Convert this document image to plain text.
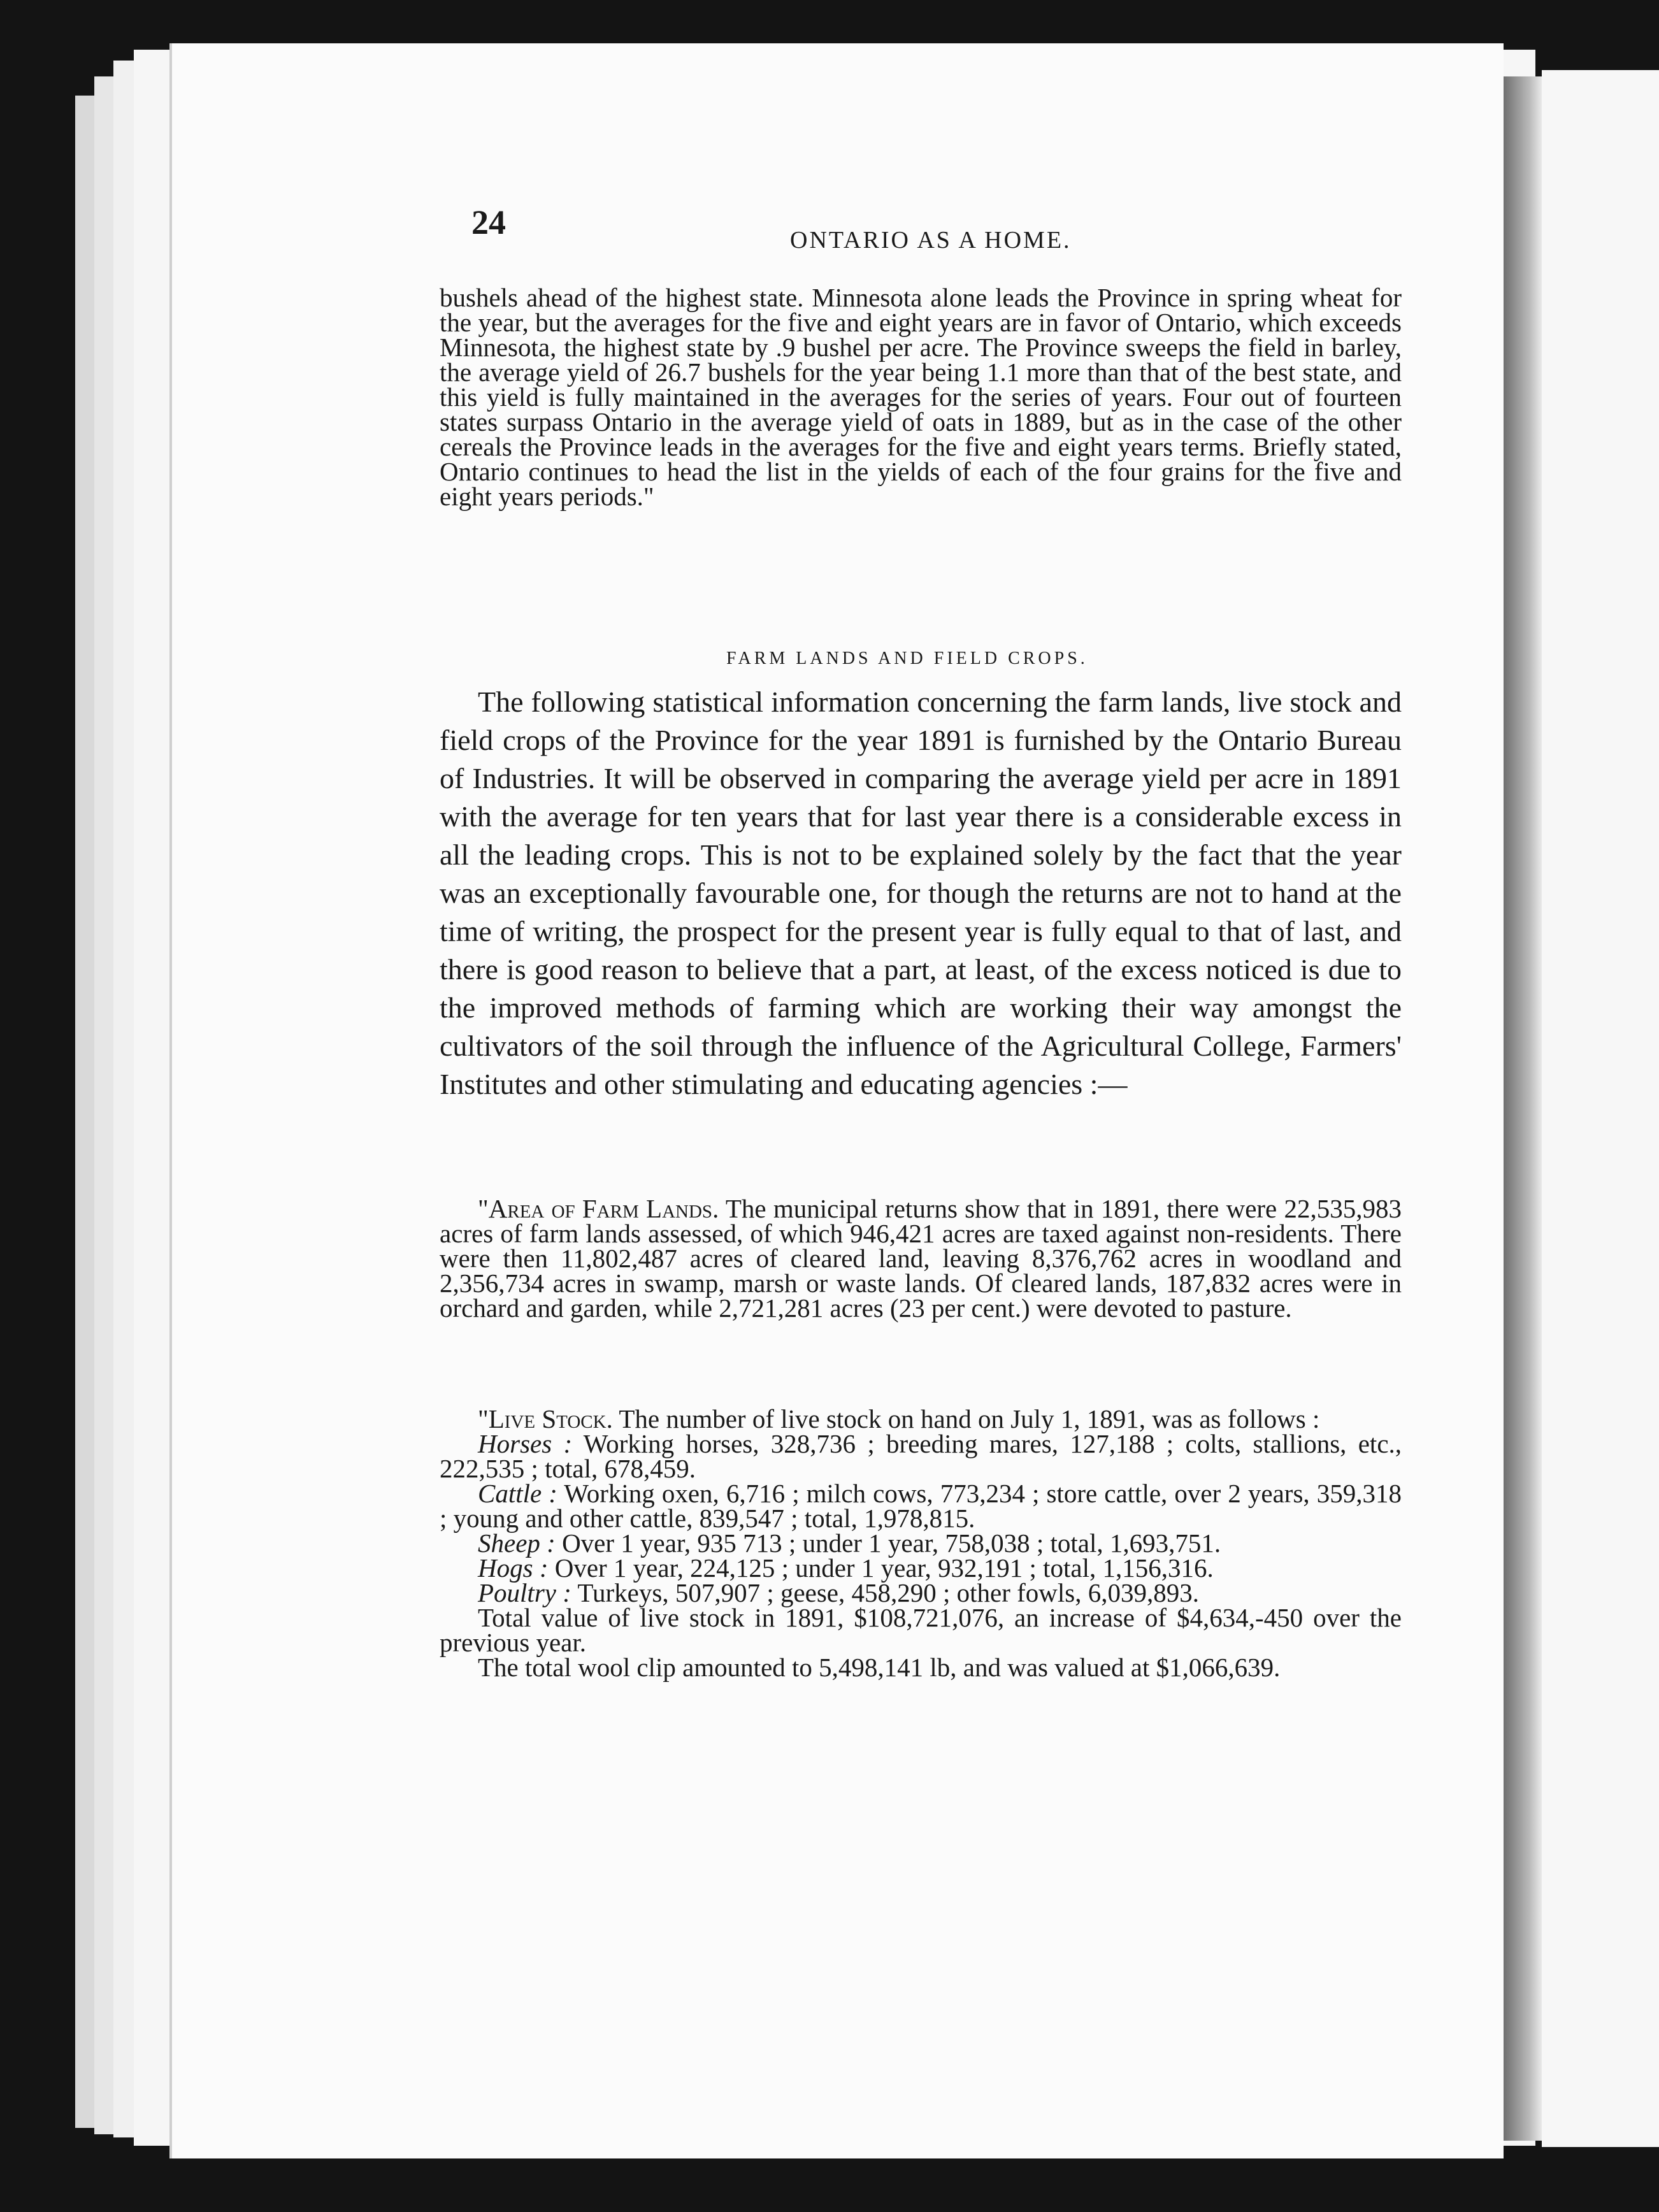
24	ONTARIO AS A HOME.

bushels ahead of the highest state. Minnesota alone leads the Province in spring wheat for the year, but the averages for the five and eight years are in favor of Ontario, which exceeds Minnesota, the highest state by .9 bushel per acre. The Province sweeps the field in barley, the average yield of 26.7 bushels for the year being 1.1 more than that of the best state, and this yield is fully maintained in the averages for the series of years. Four out of fourteen states surpass Ontario in the average yield of oats in 1889, but as in the case of the other cereals the Province leads in the averages for the five and eight years terms. Briefly stated, Ontario continues to head the list in the yields of each of the four grains for the five and eight years periods."

FARM LANDS AND FIELD CROPS.

The following statistical information concerning the farm lands, live stock and field crops of the Province for the year 1891 is furnished by the Ontario Bureau of Industries. It will be observed in comparing the average yield per acre in 1891 with the average for ten years that for last year there is a considerable excess in all the leading crops. This is not to be explained solely by the fact that the year was an exceptionally favourable one, for though the returns are not to hand at the time of writing, the prospect for the present year is fully equal to that of last, and there is good reason to believe that a part, at least, of the excess noticed is due to the improved methods of farming which are working their way amongst the cultivators of the soil through the influence of the Agricultural College, Farmers' Institutes and other stimulating and educating agencies :—

"Area of Farm Lands. The municipal returns show that in 1891, there were 22,535,983 acres of farm lands assessed, of which 946,421 acres are taxed against non-residents. There were then 11,802,487 acres of cleared land, leaving 8,376,762 acres in woodland and 2,356,734 acres in swamp, marsh or waste lands. Of cleared lands, 187,832 acres were in orchard and garden, while 2,721,281 acres (23 per cent.) were devoted to pasture.

"Live Stock. The number of live stock on hand on July 1, 1891, was as follows :

Horses : Working horses, 328,736 ; breeding mares, 127,188 ; colts, stallions, etc., 222,535 ; total, 678,459.

Cattle : Working oxen, 6,716 ; milch cows, 773,234 ; store cattle, over 2 years, 359,318 ; young and other cattle, 839,547 ; total, 1,978,815.

Sheep : Over 1 year, 935 713 ; under 1 year, 758,038 ; total, 1,693,751.

Hogs : Over 1 year, 224,125 ; under 1 year, 932,191 ; total, 1,156,316.

Poultry : Turkeys, 507,907 ; geese, 458,290 ; other fowls, 6,039,893.

Total value of live stock in 1891, $108,721,076, an increase of $4,634,-450 over the previous year.

The total wool clip amounted to 5,498,141 lb, and was valued at $1,066,639.
